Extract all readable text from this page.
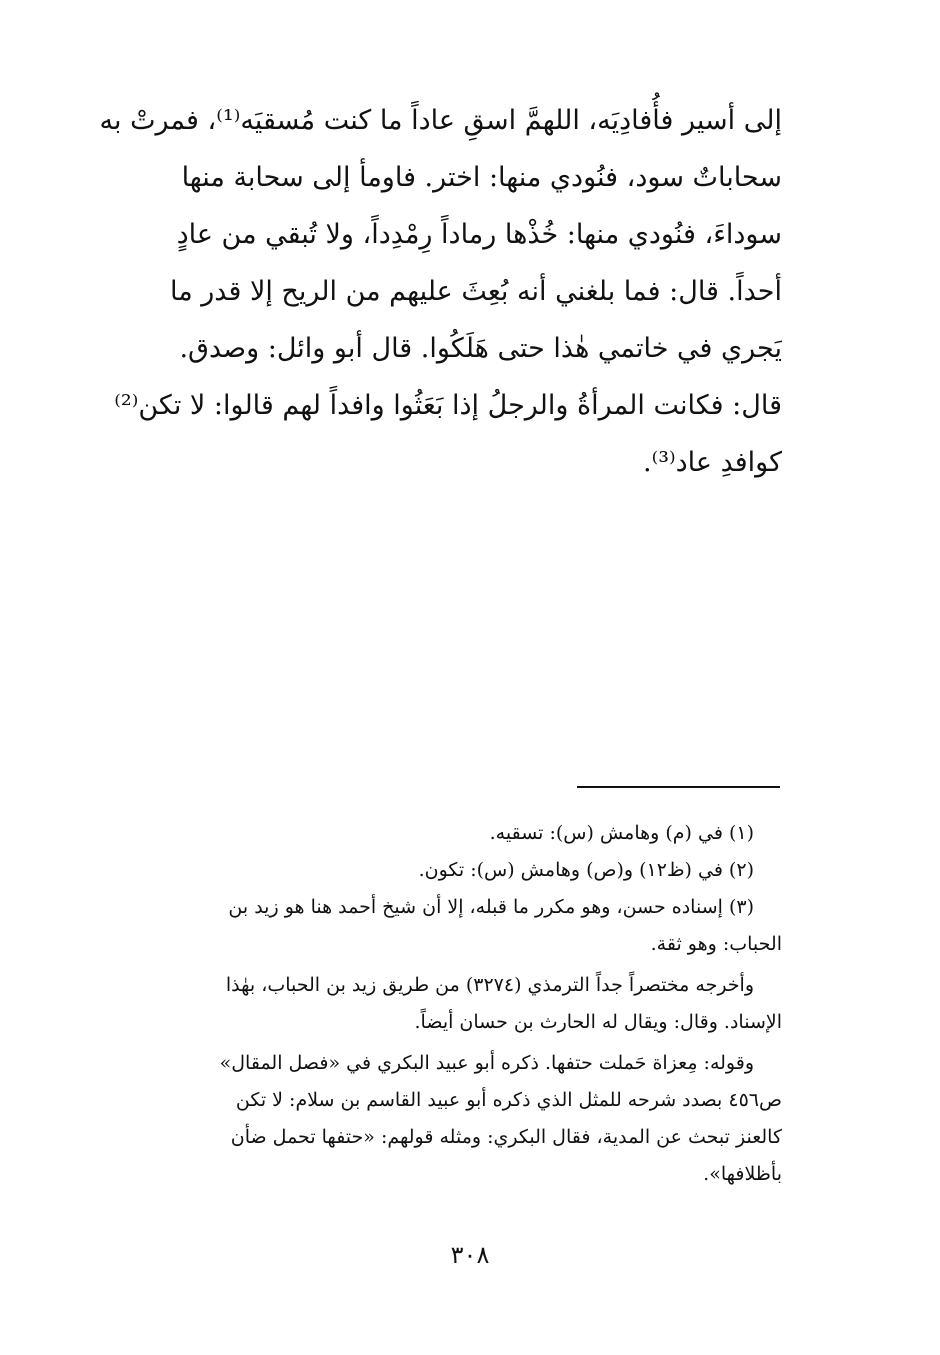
إلى أسير فأُفادِيَه، اللهمَّ اسقِ عاداً ما كنت مُسقيَه⁽¹⁾، فمرتْ به
سحاباتٌ سود، فنُودي منها: اختر. فاومأ إلى سحابة منها
سوداءَ، فنُودي منها: خُذْها رماداً رِمْدِداً، ولا تُبقي من عادٍ
أحداً. قال: فما بلغني أنه بُعِثَ عليهم من الريح إلا قدر ما
يَجري في خاتمي هٰذا حتى هَلَكُوا. قال أبو وائل: وصدق.
قال: فكانت المرأةُ والرجلُ إذا بَعَثُوا وافداً لهم قالوا: لا تكن⁽²⁾
كوافدِ عاد⁽³⁾.
(١) في (م) وهامش (س): تسقيه.
(٢) في (ظ١٢) و(ص) وهامش (س): تكون.
(٣) إسناده حسن، وهو مكرر ما قبله، إلا أن شيخ أحمد هنا هو زيد بن
الحباب: وهو ثقة.
وأخرجه مختصراً جداً الترمذي (٣٢٧٤) من طريق زيد بن الحباب، بهٰذا
الإسناد. وقال: ويقال له الحارث بن حسان أيضاً.
وقوله: مِعزاة حَملت حتفها. ذكره أبو عبيد البكري في «فصل المقال»
ص٤٥٦ بصدد شرحه للمثل الذي ذكره أبو عبيد القاسم بن سلام: لا تكن
كالعنز تبحث عن المدية، فقال البكري: ومثله قولهم: «حتفها تحمل ضأن
بأظلافها».
٣٠٨
